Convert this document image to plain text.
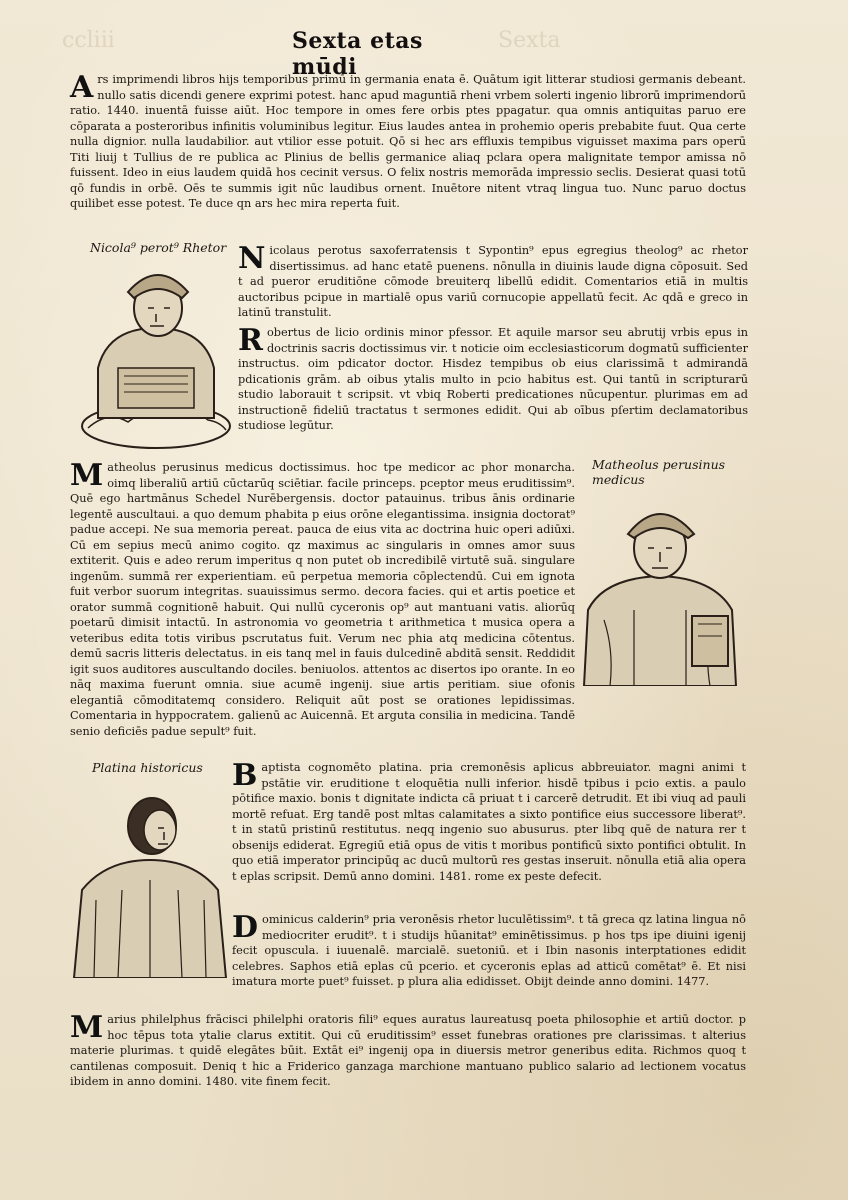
ccliii	Sexta
Sexta etas mūdi

Ars imprimendi libros hijs temporibus primū in germania enata ē. Quātum igit litterar studiosi germanis debeant. nullo satis dicendi genere exprimi potest. hanc apud maguntiā rheni vrbem solerti ingenio librorū imprimendorū ratio. 1440. inuentā fuisse aiūt. Hoc tempore in omes fere orbis ptes ppagatur. qua omnis antiquitas paruo ere cōparata a posteroribus infinitis voluminibus legitur. Eius laudes antea in prohemio operis prebabite fuut. Qua certe nulla dignior. nulla laudabilior. aut vtilior esse potuit. Qō si hec ars effluxis tempibus viguisset maxima pars operū Titi liuij t Tullius de re publica ac Plinius de bellis germanice aliaq pclara opera malignitate tempor amissa nō fuissent. Ideo in eius laudem quidā hos cecinit versus. O felix nostris memorāda impressio seclis. Desierat quasi totū qō fundis in orbē. Oēs te summis igit nūc laudibus ornent. Inuētore nitent vtraq lingua tuo. Nunc paruo doctus quilibet esse potest. Te duce qn ars hec mira reperta fuit.

Nicola⁹ perot⁹ Rhetor Nicolaus perotus saxoferratensis t Sypontin⁹ epus egregius theolog⁹ ac rhetor disertissimus. ad hanc etatē puenens. nōnulla in diuinis laude digna cōposuit. Sed t ad pueror eruditiōne cōmode breuiterq libellū edidit. Comentarios etiā in multis auctoribus pcipue in martialē opus variū cornucopie appellatū fecit. Ac qdā e greco in latinū transtulit.

Robertus de licio ordinis minor pfessor. Et aquile marsor seu abrutij vrbis epus in doctrinis sacris doctissimus vir. t noticie oim ecclesiasticorum dogmatū sufficienter instructus. oim pdicator doctor. Hisdez tempibus ob eius clarissimā t admirandā pdicationis grām. ab oibus ytalis multo in pcio habitus est. Qui tantū in scripturarū studio laborauit t scripsit. vt vbiq Roberti predicationes nūcupentur. plurimas em ad instructionē fideliū tractatus t sermones edidit. Qui ab oībus pſertim declamatoribus studiose legūtur.

Matheolus perusinus medicus

Matheolus perusinus medicus doctissimus. hoc tpe medicor ac phor monarcha. oimq liberaliū artiū cūctarūq sciētiar. facile princeps. pceptor meus eruditissim⁹. Quē ego hartmānus Schedel Nurēbergensis. doctor patauinus. tribus ānis ordinarie legentē auscultaui. a quo demum phabita p eius orōne elegantissima. insignia doctorat⁹ padue accepi. Ne sua memoria pereat. pauca de eius vita ac doctrina huic operi adiūxi. Cū em sepius mecū animo cogito. qz maximus ac singularis in omnes amor suus extiterit. Quis e adeo rerum imperitus q non putet ob incredibilē virtutē suā. singulare ingenūm. summā rer experientiam. eū perpetua memoria cōplectendū. Cui em ignota fuit verbor suorum integritas. suauissimus sermo. decora facies. qui et artis poetice et orator summā cognitionē habuit. Qui nullū cyceronis op⁹ aut mantuani vatis. aliorūq poetarū dimisit intactū. In astronomia vo geometria t arithmetica t musica opera a veteribus edita totis viribus pscrutatus fuit. Verum nec phia atq medicina cōtentus. demū sacris litteris delectatus. in eis tanq mel in fauis dulcedinē abditā sensit. Reddidit igit suos auditores auscultando dociles. beniuolos. attentos ac disertos ipo orante. In eo nāq maxima fuerunt omnia. siue acumē ingenij. siue artis peritiam. siue ofonis elegantiā cōmoditatemq considero. Reliquit aūt post se orationes lepidissimas. Comentaria in hyppocratem. galienū ac Auicennā. Et arguta consilia in medicina. Tandē senio deficiēs padue sepult⁹ fuit.

Platina historicus Baptista cognomēto platina. pria cremonēsis aplicus abbreuiator. magni animi t pstātie vir. eruditione t eloquētia nulli inferior. hisdē tpibus i pcio extis. a paulo pōtifice maxio. bonis t dignitate indicta cā priuat t i carcerē detrudit. Et ibi viuq ad pauli mortē refuat. Erg tandē post mltas calamitates a sixto pontifice eius successore liberat⁹. t in statū pristinū restitutus. neqq ingenio suo abusurus. pter libq quē de natura rer t obsenijs ediderat. Egregiū etiā opus de vitis t moribus pontificū sixto pontifici obtulit. In quo etiā imperator principūq ac ducū multorū res gestas inseruit. nōnulla etiā alia opera t eplas scripsit. Demū anno domini. 1481. rome ex peste defecit.

Dominicus calderin⁹ pria veronēsis rhetor luculētissim⁹. t tā greca qz latina lingua nō mediocriter erudit⁹. t i studijs hūanitat⁹ eminētissimus. p hos tps ipe diuini igenij fecit opuscula. i iuuenalē. marcialē. suetoniū. et i Ibin nasonis interptationes edidit celebres. Saphos etiā eplas cū pcerio. et cyceronis eplas ad atticū comētat⁹ ē. Et nisi imatura morte puet⁹ fuisset. p plura alia edidisset. Obijt deinde anno domini. 1477.

Marius philelphus frācisci philelphi oratoris fili⁹ eques auratus laureatusq poeta philosophie et artiū doctor. p hoc tēpus tota ytalie clarus extitit. Qui cū eruditissim⁹ esset funebras orationes pre clarissimas. t alterius materie plurimas. t quidē elegātes būit. Extāt ei⁹ ingenij opa in diuersis metror generibus edita. Richmos quoq t cantilenas composuit. Deniq t hic a Friderico ganzaga marchione mantuano publico salario ad lectionem vocatus ibidem in anno domini. 1480. vite finem fecit.
